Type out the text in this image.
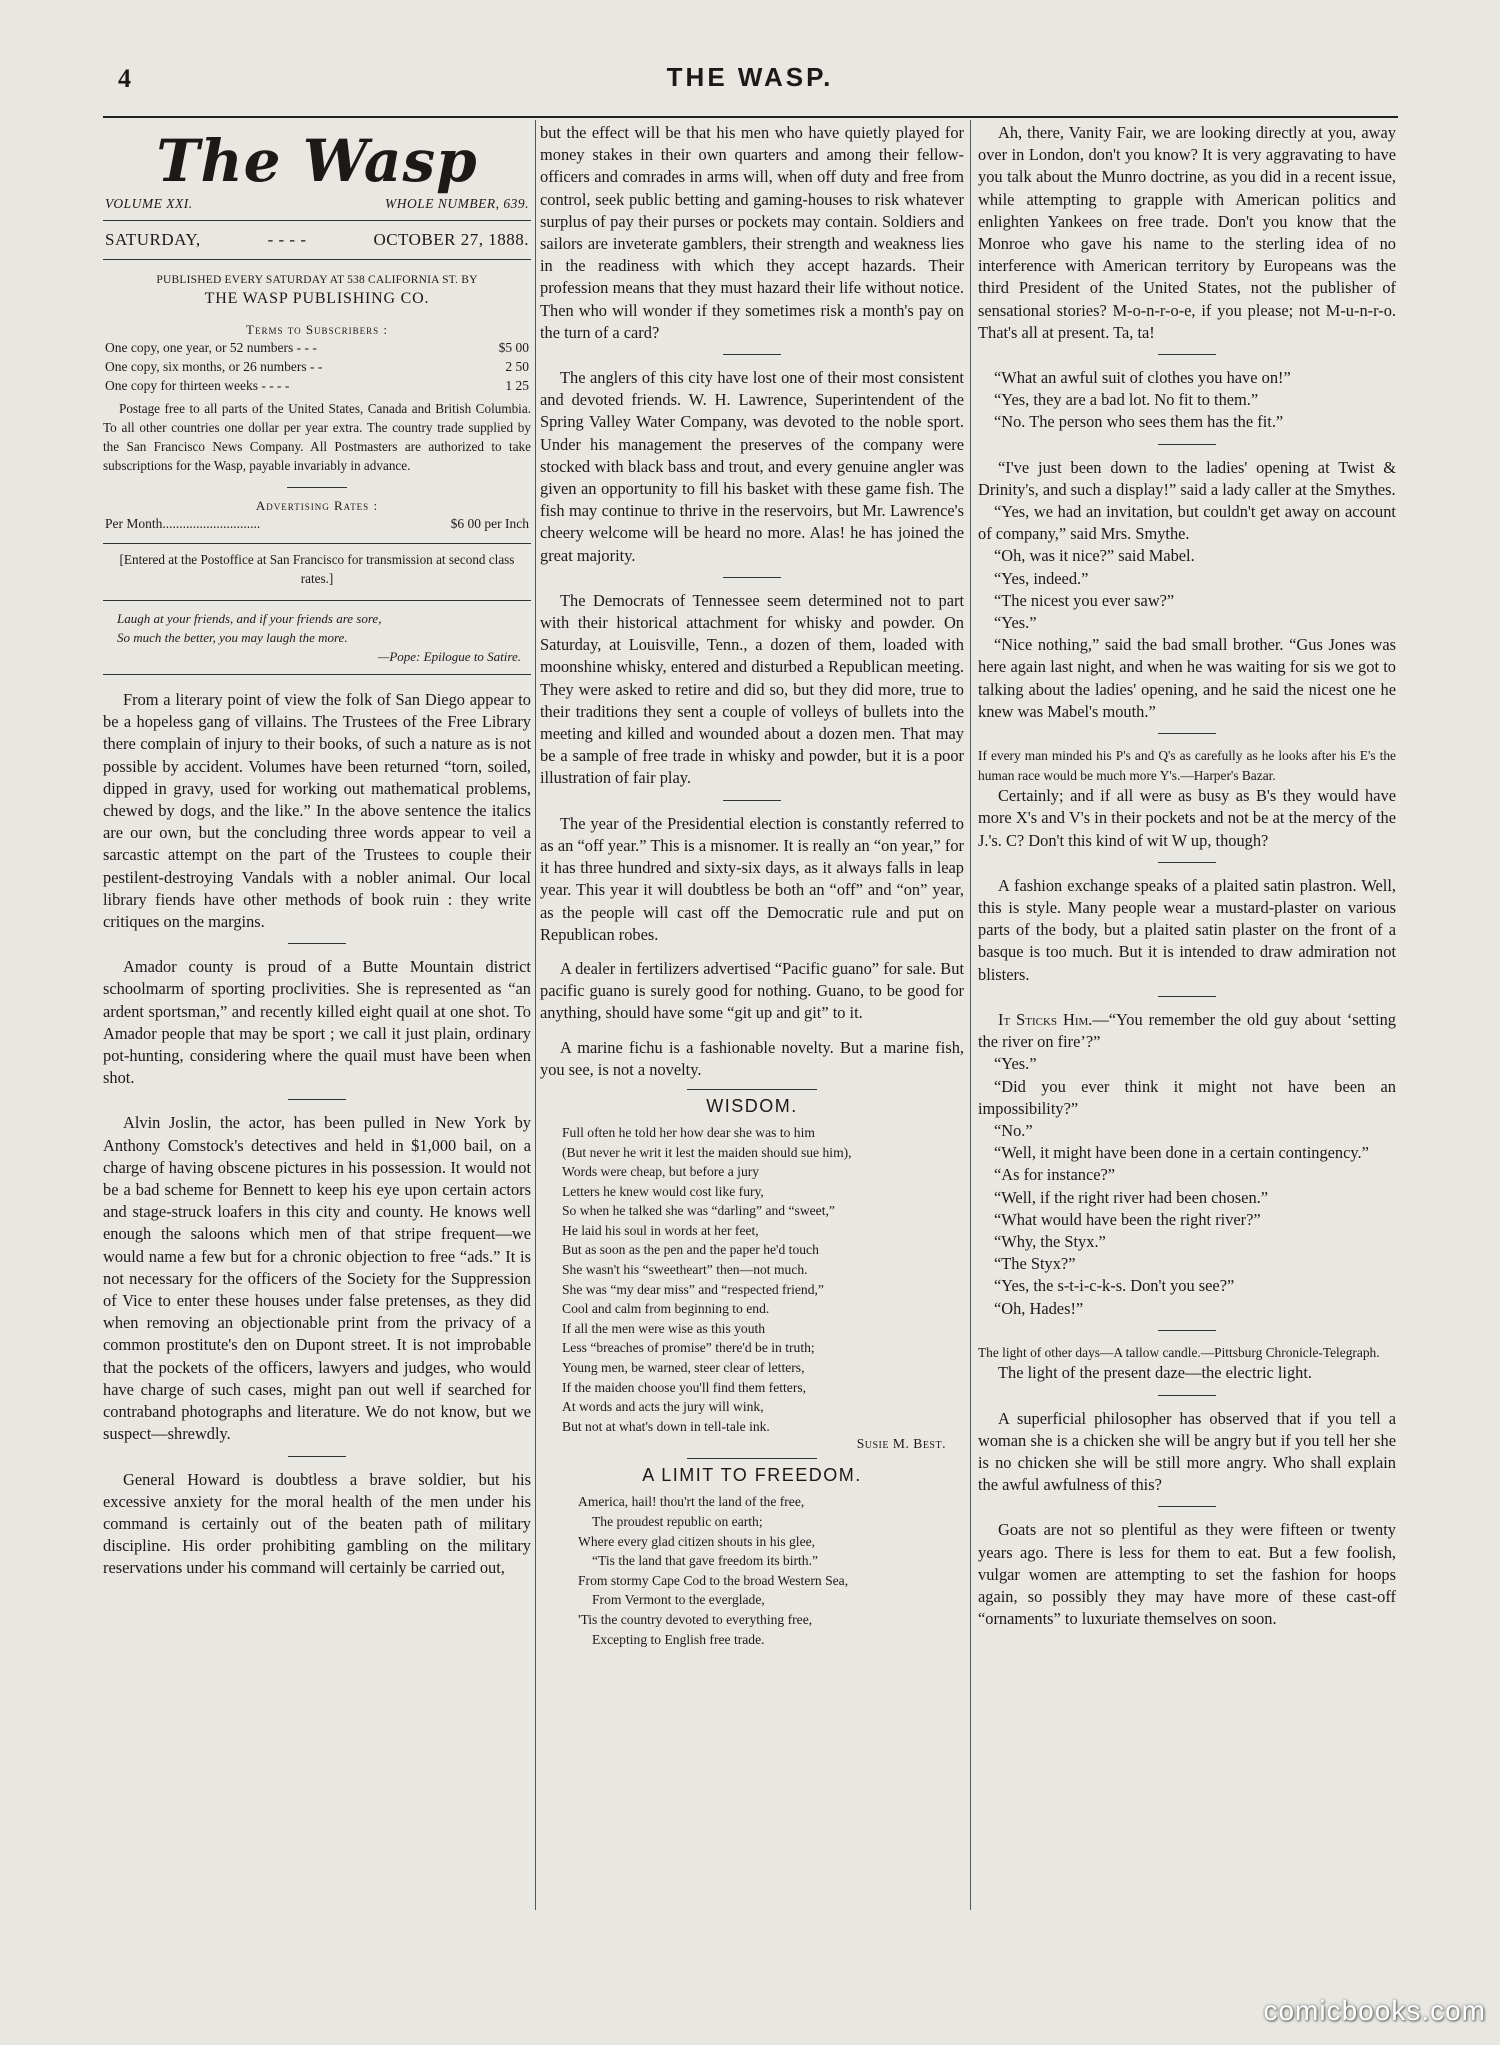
4	THE WASP.
The Wasp
VOLUME XXI.	WHOLE NUMBER, 639.
SATURDAY,	- - - -	OCTOBER 27, 1888.
PUBLISHED EVERY SATURDAY AT 538 CALIFORNIA ST. BY
THE WASP PUBLISHING CO.
Terms to Subscribers :
One copy, one year, or 52 numbers - - -	$5 00
One copy, six months, or 26 numbers - -	2 50
One copy for thirteen weeks - - - -	1 25
Postage free to all parts of the United States, Canada and British Columbia. To all other countries one dollar per year extra. The country trade supplied by the San Francisco News Company. All Postmasters are authorized to take subscriptions for the Wasp, payable invariably in advance.
Advertising Rates :
Per Month.............................	$6 00 per Inch
[Entered at the Postoffice at San Francisco for transmission at second class rates.]
Laugh at your friends, and if your friends are sore,
So much the better, you may laugh the more.
—Pope: Epilogue to Satire.

From a literary point of view the folk of San Diego appear to be a hopeless gang of villains. The Trustees of the Free Library there complain of injury to their books, of such a nature as is not possible by accident. Volumes have been returned “torn, soiled, dipped in gravy, used for working out mathematical problems, chewed by dogs, and the like.” In the above sentence the italics are our own, but the concluding three words appear to veil a sarcastic attempt on the part of the Trustees to couple their pestilent-destroying Vandals with a nobler animal. Our local library fiends have other methods of book ruin : they write critiques on the margins.

Amador county is proud of a Butte Mountain district schoolmarm of sporting proclivities. She is represented as “an ardent sportsman,” and recently killed eight quail at one shot. To Amador people that may be sport ; we call it just plain, ordinary pot-hunting, considering where the quail must have been when shot.

Alvin Joslin, the actor, has been pulled in New York by Anthony Comstock's detectives and held in $1,000 bail, on a charge of having obscene pictures in his possession. It would not be a bad scheme for Bennett to keep his eye upon certain actors and stage-struck loafers in this city and county. He knows well enough the saloons which men of that stripe frequent—we would name a few but for a chronic objection to free “ads.” It is not necessary for the officers of the Society for the Suppression of Vice to enter these houses under false pretenses, as they did when removing an objectionable print from the privacy of a common prostitute's den on Dupont street. It is not improbable that the pockets of the officers, lawyers and judges, who would have charge of such cases, might pan out well if searched for contraband photographs and literature. We do not know, but we suspect—shrewdly.

General Howard is doubtless a brave soldier, but his excessive anxiety for the moral health of the men under his command is certainly out of the beaten path of military discipline. His order prohibiting gambling on the military reservations under his command will certainly be carried out,

but the effect will be that his men who have quietly played for money stakes in their own quarters and among their fellow-officers and comrades in arms will, when off duty and free from control, seek public betting and gaming-houses to risk whatever surplus of pay their purses or pockets may contain. Soldiers and sailors are inveterate gamblers, their strength and weakness lies in the readiness with which they accept hazards. Their profession means that they must hazard their life without notice. Then who will wonder if they sometimes risk a month's pay on the turn of a card?

The anglers of this city have lost one of their most consistent and devoted friends. W. H. Lawrence, Superintendent of the Spring Valley Water Company, was devoted to the noble sport. Under his management the preserves of the company were stocked with black bass and trout, and every genuine angler was given an opportunity to fill his basket with these game fish. The fish may continue to thrive in the reservoirs, but Mr. Lawrence's cheery welcome will be heard no more. Alas! he has joined the great majority.

The Democrats of Tennessee seem determined not to part with their historical attachment for whisky and powder. On Saturday, at Louisville, Tenn., a dozen of them, loaded with moonshine whisky, entered and disturbed a Republican meeting. They were asked to retire and did so, but they did more, true to their traditions they sent a couple of volleys of bullets into the meeting and killed and wounded about a dozen men. That may be a sample of free trade in whisky and powder, but it is a poor illustration of fair play.

The year of the Presidential election is constantly referred to as an “off year.” This is a misnomer. It is really an “on year,” for it has three hundred and sixty-six days, as it always falls in leap year. This year it will doubtless be both an “off” and “on” year, as the people will cast off the Democratic rule and put on Republican robes.

A dealer in fertilizers advertised “Pacific guano” for sale. But pacific guano is surely good for nothing. Guano, to be good for anything, should have some “git up and git” to it.

A marine fichu is a fashionable novelty. But a marine fish, you see, is not a novelty.

WISDOM.
Full often he told her how dear she was to him
(But never he writ it lest the maiden should sue him),
Words were cheap, but before a jury
Letters he knew would cost like fury,
So when he talked she was “darling” and “sweet,”
He laid his soul in words at her feet,
But as soon as the pen and the paper he'd touch
She wasn't his “sweetheart” then—not much.
She was “my dear miss” and “respected friend,”
Cool and calm from beginning to end.
If all the men were wise as this youth
Less “breaches of promise” there'd be in truth;
Young men, be warned, steer clear of letters,
If the maiden choose you'll find them fetters,
At words and acts the jury will wink,
But not at what's down in tell-tale ink.
Susie M. Best.
A LIMIT TO FREEDOM.
America, hail! thou'rt the land of the free,
The proudest republic on earth;
Where every glad citizen shouts in his glee,
“Tis the land that gave freedom its birth.”
From stormy Cape Cod to the broad Western Sea,
From Vermont to the everglade,
'Tis the country devoted to everything free,
Excepting to English free trade.

Ah, there, Vanity Fair, we are looking directly at you, away over in London, don't you know? It is very aggravating to have you talk about the Munro doctrine, as you did in a recent issue, while attempting to grapple with American politics and enlighten Yankees on free trade. Don't you know that the Monroe who gave his name to the sterling idea of no interference with American territory by Europeans was the third President of the United States, not the publisher of sensational stories? M-o-n-r-o-e, if you please; not M-u-n-r-o. That's all at present. Ta, ta!

“What an awful suit of clothes you have on!”

“Yes, they are a bad lot. No fit to them.”

“No. The person who sees them has the fit.”

“I've just been down to the ladies' opening at Twist & Drinity's, and such a display!” said a lady caller at the Smythes.

“Yes, we had an invitation, but couldn't get away on account of company,” said Mrs. Smythe.

“Oh, was it nice?” said Mabel.

“Yes, indeed.”

“The nicest you ever saw?”

“Yes.”

“Nice nothing,” said the bad small brother. “Gus Jones was here again last night, and when he was waiting for sis we got to talking about the ladies' opening, and he said the nicest one he knew was Mabel's mouth.”

If every man minded his P's and Q's as carefully as he looks after his E's the human race would be much more Y's.—Harper's Bazar.

Certainly; and if all were as busy as B's they would have more X's and V's in their pockets and not be at the mercy of the J.'s. C? Don't this kind of wit W up, though?

A fashion exchange speaks of a plaited satin plastron. Well, this is style. Many people wear a mustard-plaster on various parts of the body, but a plaited satin plaster on the front of a basque is too much. But it is intended to draw admiration not blisters.

It Sticks Him.—“You remember the old guy about ‘setting the river on fire’?”

“Yes.”

“Did you ever think it might not have been an impossibility?”

“No.”

“Well, it might have been done in a certain contingency.”

“As for instance?”

“Well, if the right river had been chosen.”

“What would have been the right river?”

“Why, the Styx.”

“The Styx?”

“Yes, the s-t-i-c-k-s. Don't you see?”

“Oh, Hades!”

The light of other days—A tallow candle.—Pittsburg Chronicle-Telegraph.

The light of the present daze—the electric light.

A superficial philosopher has observed that if you tell a woman she is a chicken she will be angry but if you tell her she is no chicken she will be still more angry. Who shall explain the awful awfulness of this?

Goats are not so plentiful as they were fifteen or twenty years ago. There is less for them to eat. But a few foolish, vulgar women are attempting to set the fashion for hoops again, so possibly they may have more of these cast-off “ornaments” to luxuriate themselves on soon.

comicbooks.com
